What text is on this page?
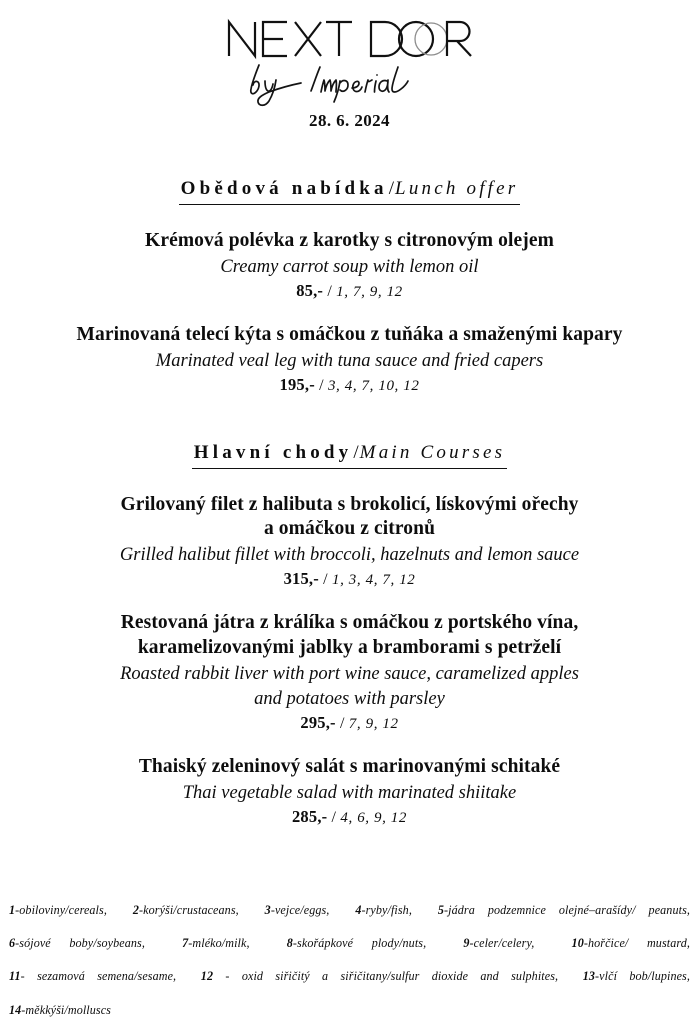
28. 6. 2024
Obědová nabídka/Lunch offer
Krémová polévka z karotky s citronovým olejem
Creamy carrot soup with lemon oil
85,- / 1, 7, 9, 12
Marinovaná telecí kýta s omáčkou z tuňáka a smaženými kapary
Marinated veal leg with tuna sauce and fried capers
195,- / 3, 4, 7, 10, 12
Hlavní chody/Main Courses
Grilovaný filet z halibuta s brokolicí, lískovými ořechy
a omáčkou z citronů
Grilled halibut fillet with broccoli, hazelnuts and lemon sauce
315,- / 1, 3, 4, 7, 12
Restovaná játra z králíka s omáčkou z portského vína,
karamelizovanými jablky a bramborami s petrželí
Roasted rabbit liver with port wine sauce, caramelized apples
and potatoes with parsley
295,- / 7, 9, 12
Thaiský zeleninový salát s marinovanými schitaké
Thai vegetable salad with marinated shiitake
285,- / 4, 6, 9, 12
1-obiloviny/cereals,  2-korýši/crustaceans,  3-vejce/eggs,  4-ryby/fish,  5-jádra podzemnice olejné–arašídy/ peanuts,
6-sójové boby/soybeans,  7-mléko/milk,  8-skořápkové plody/nuts,  9-celer/celery,  10-hořčice/ mustard,
11- sezamová semena/sesame,  12 - oxid siřičitý a siřičitany/sulfur dioxide and sulphites,  13-vlčí bob/lupines,
14-měkkýši/molluscs
